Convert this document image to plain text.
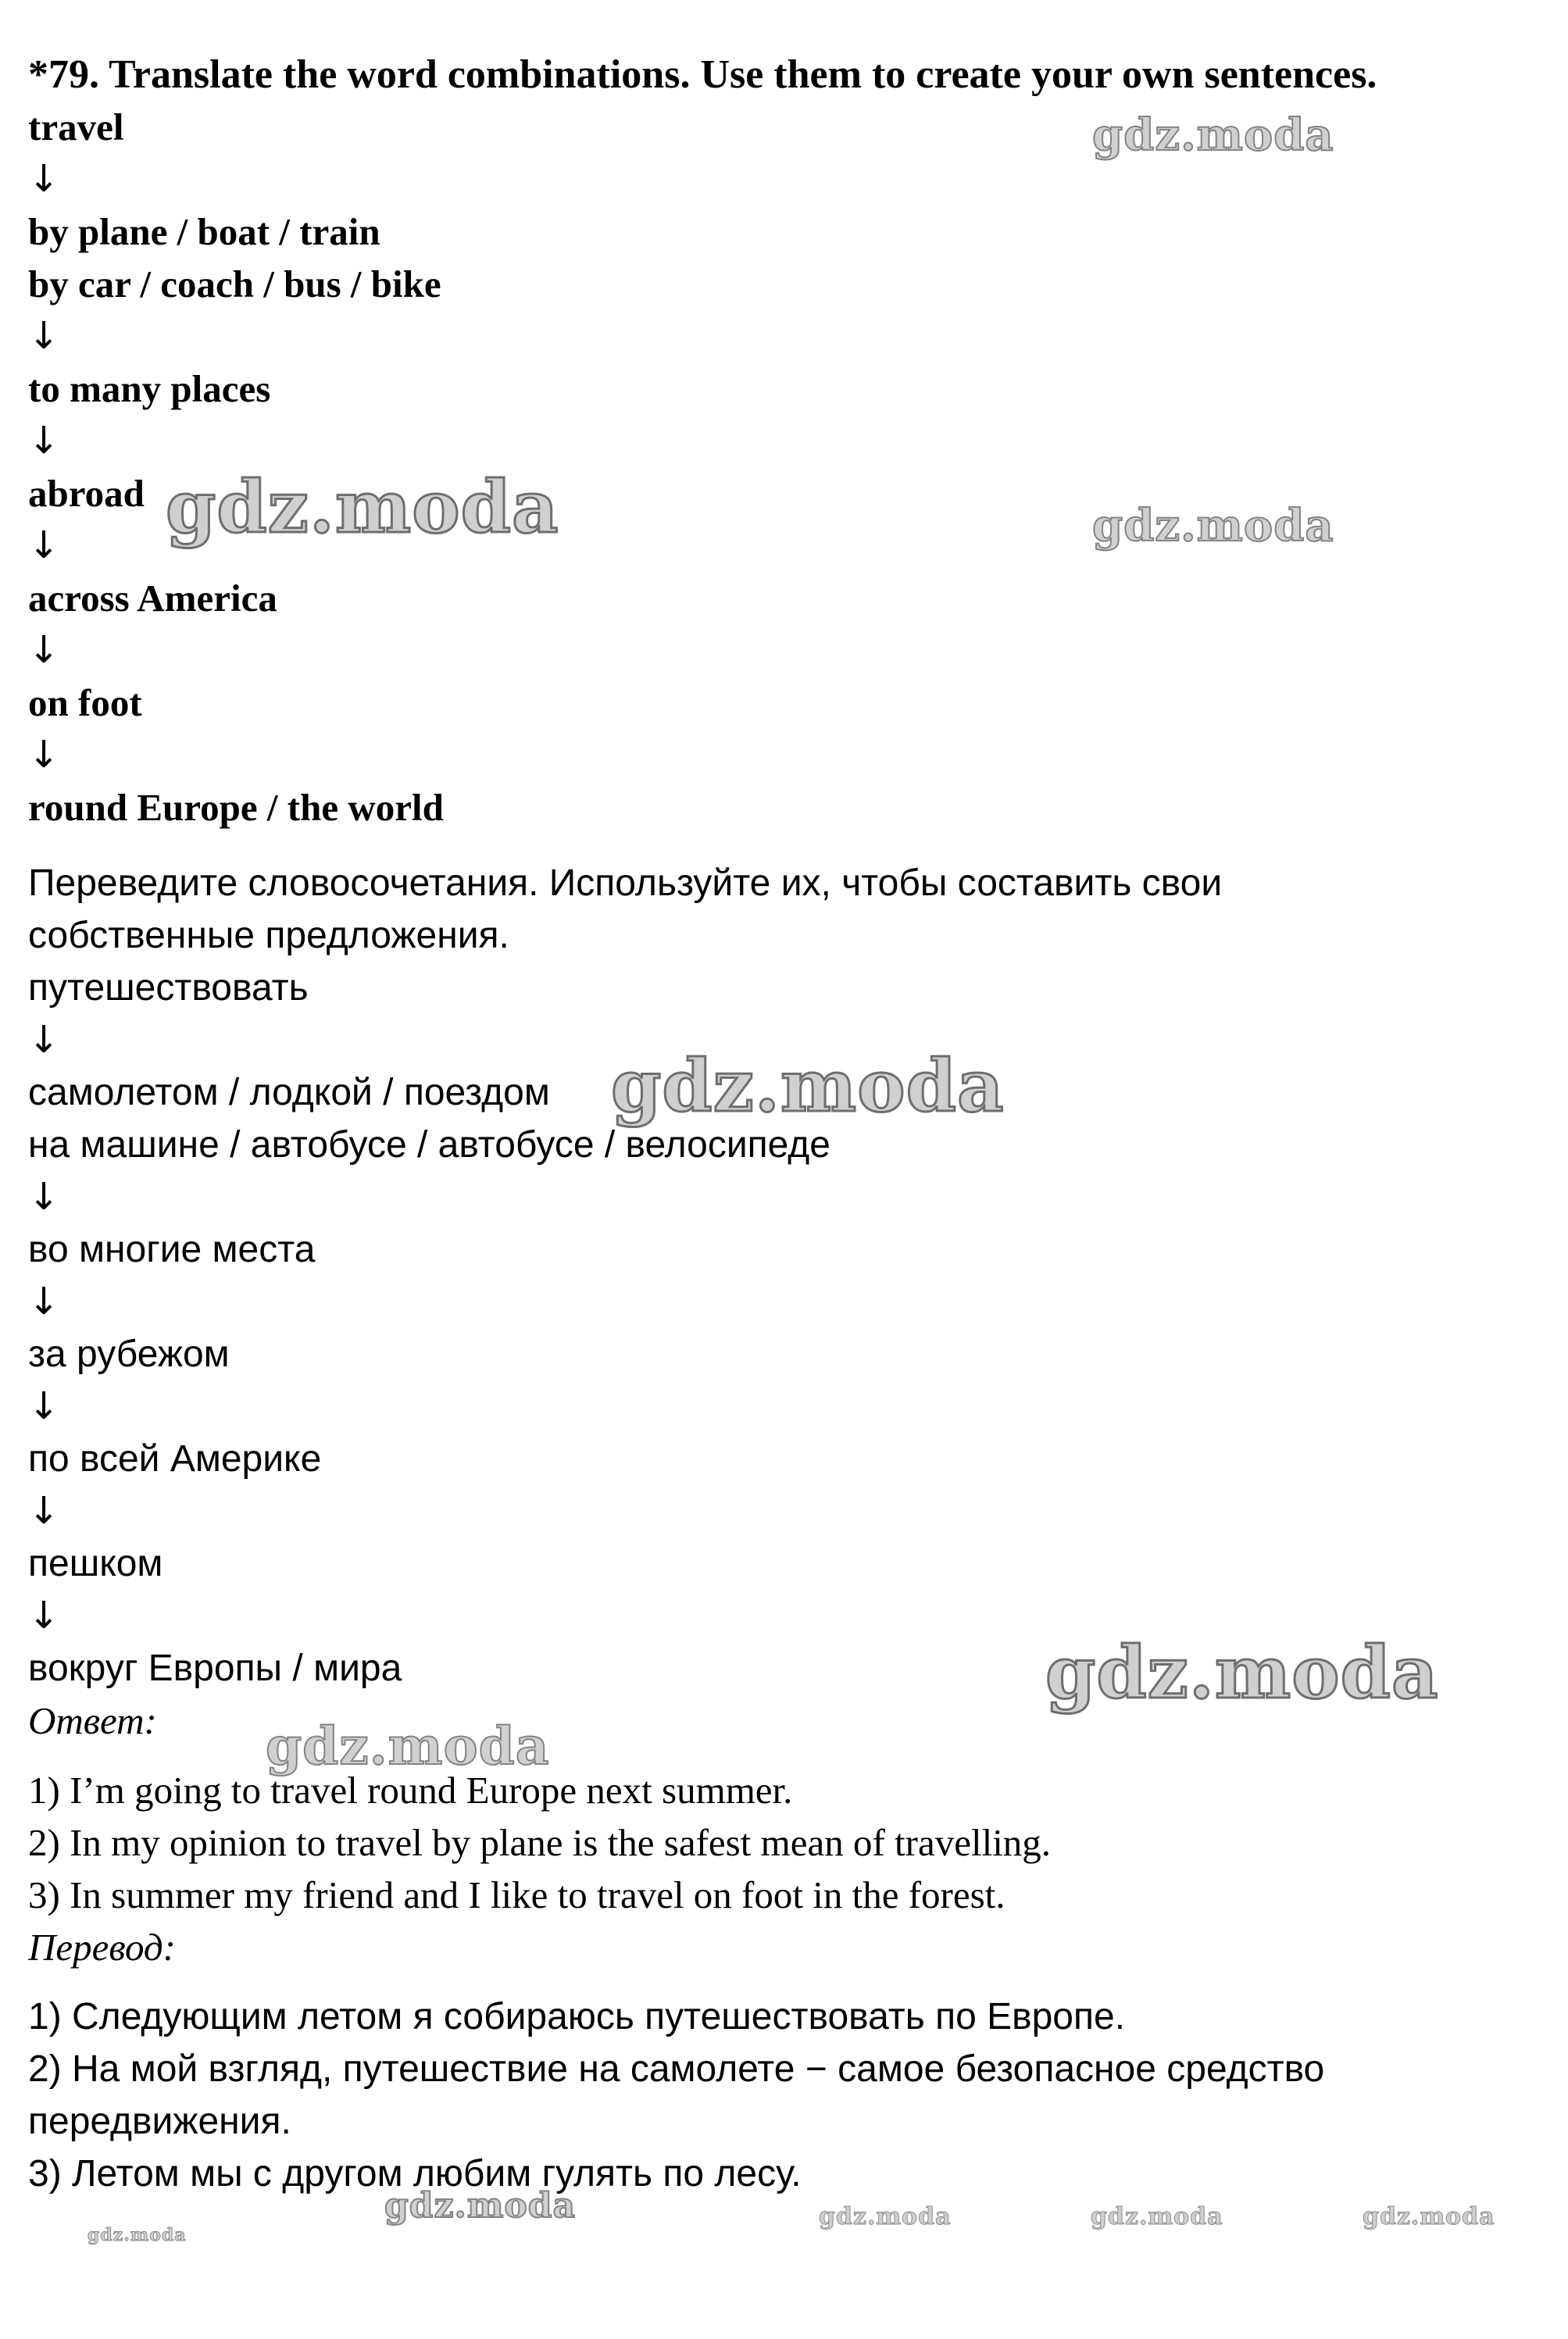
*79. Translate the word combinations. Use them to create your own sentences.
travel
↓
by plane / boat / train
by car / coach / bus / bike
↓
to many places
↓
abroad
↓
across America
↓
on foot
↓
round Europe / the world
Переведите словосочетания. Используйте их, чтобы составить свои
собственные предложения.
путешествовать
↓
самолетом / лодкой / поездом
на машине / автобусе / автобусе / велосипеде
↓
во многие места
↓
за рубежом
↓
по всей Америке
↓
пешком
↓
вокруг Европы / мира
Ответ:
1) I’m going to travel round Europe next summer.
2) In my opinion to travel by plane is the safest mean of travelling.
3) In summer my friend and I like to travel on foot in the forest.
Перевод:
1) Следующим летом я собираюсь путешествовать по Европе.
2) На мой взгляд, путешествие на самолете − самое безопасное средство
передвижения.
3) Летом мы с другом любим гулять по лесу.
gdz.moda
gdz.moda	gdz.moda
gdz.moda
gdz.moda
gdz.moda
gdz.moda	gdz.moda	gdz.moda	gdz.moda
gdz.moda
